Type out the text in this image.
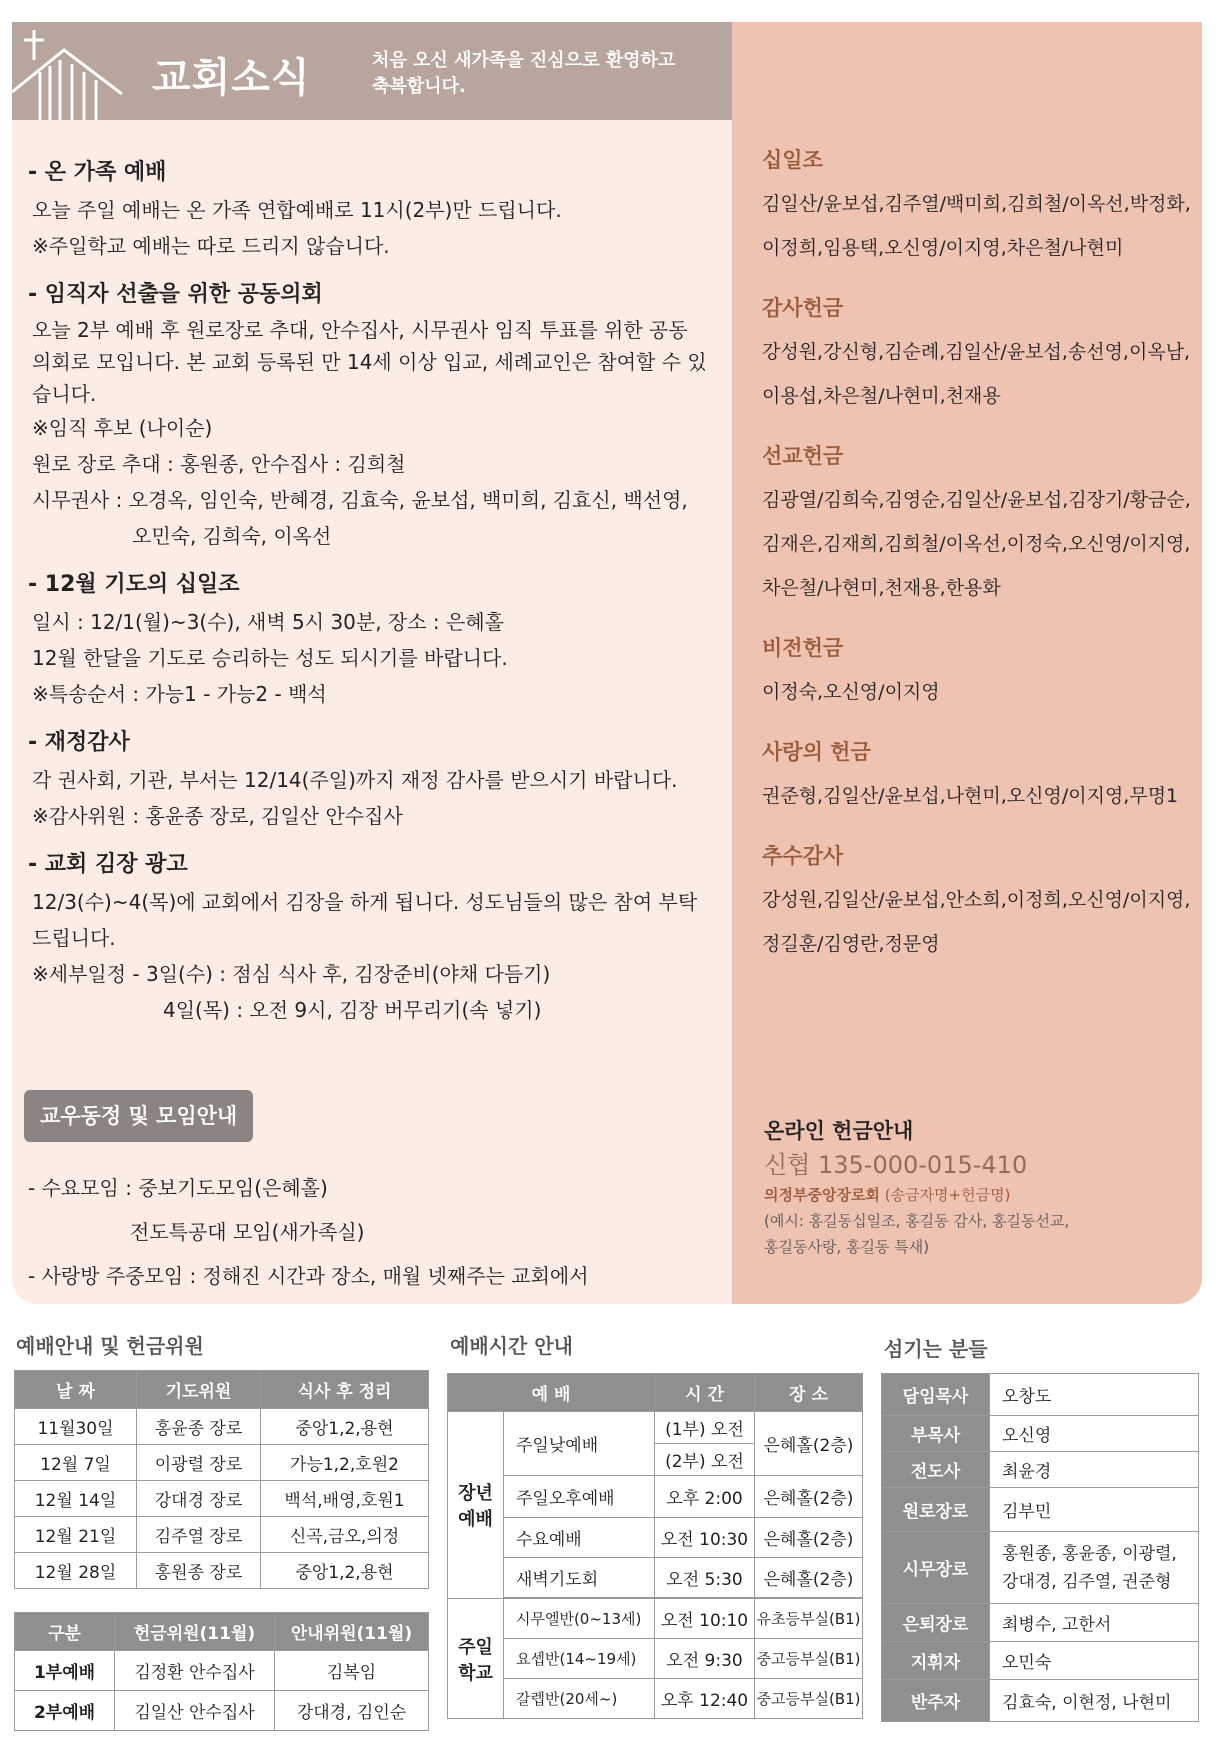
교회소식	처음 오신 새가족을 진심으로 환영하고
축복합니다.
- 온 가족 예배

오늘 주일 예배는 온 가족 연합예배로 11시(2부)만 드립니다.

※주일학교 예배는 따로 드리지 않습니다.

- 임직자 선출을 위한 공동의회

오늘 2부 예배 후 원로장로 추대, 안수집사, 시무권사 임직 투표를 위한 공동

의회로 모입니다. 본 교회 등록된 만 14세 이상 입교, 세례교인은 참여할 수 있

습니다.

※임직 후보 (나이순)

원로 장로 추대 : 홍원종, 안수집사 : 김희철

시무권사 : 오경옥, 임인숙, 반혜경, 김효숙, 윤보섭, 백미희, 김효신, 백선영,

오민숙, 김희숙, 이옥선

- 12월 기도의 십일조

일시 : 12/1(월)~3(수), 새벽 5시 30분, 장소 : 은혜홀

12월 한달을 기도로 승리하는 성도 되시기를 바랍니다.

※특송순서 : 가능1 - 가능2 - 백석

- 재정감사

각 권사회, 기관, 부서는 12/14(주일)까지 재정 감사를 받으시기 바랍니다.

※감사위원 : 홍윤종 장로, 김일산 안수집사

- 교회 김장 광고

12/3(수)~4(목)에 교회에서 김장을 하게 됩니다. 성도님들의 많은 참여 부탁

드립니다.

※세부일정 - 3일(수) : 점심 식사 후, 김장준비(야채 다듬기)

4일(목) : 오전 9시, 김장 버무리기(속 넣기)

교우동정 및 모임안내

- 수요모임 : 중보기도모임(은혜홀)

전도특공대 모임(새가족실)

- 사랑방 주중모임 : 정해진 시간과 장소, 매월 넷째주는 교회에서

십일조
김일산/윤보섭,김주열/백미희,김희철/이옥선,박정화,
이정희,임용택,오신영/이지영,차은철/나현미
감사헌금
강성원,강신형,김순례,김일산/윤보섭,송선영,이옥남,
이용섭,차은철/나현미,천재용
선교헌금
김광열/김희숙,김영순,김일산/윤보섭,김장기/황금순,
김재은,김재희,김희철/이옥선,이정숙,오신영/이지영,
차은철/나현미,천재용,한용화
비전헌금
이정숙,오신영/이지영
사랑의 헌금
권준형,김일산/윤보섭,나현미,오신영/이지영,무명1
추수감사
강성원,김일산/윤보섭,안소희,이정희,오신영/이지영,
정길훈/김영란,정문영
온라인 헌금안내
신협 135-000-015-410
의정부중앙장로회 (송금자명+헌금명)
(예시: 홍길동십일조, 홍길동 감사, 홍길동선교,
홍길동사랑, 홍길동 특새)
예배안내 및 헌금위원
날 짜	기도위원	식사 후 정리
11월30일	홍윤종 장로	중앙1,2,용현
12월 7일	이광렬 장로	가능1,2,호원2
12월 14일	강대경 장로	백석,배영,호원1
12월 21일	김주열 장로	신곡,금오,의정
12월 28일	홍원종 장로	중앙1,2,용현
구분	헌금위원(11월)	안내위원(11월)
1부예배	김정환 안수집사	김복임
2부예배	김일산 안수집사	강대경, 김인순
예배시간 안내
예 배		시 간	장 소

장년
예배	주일낮예배	(1부) 오전	은혜홀(2층)
		(2부) 오전	
	주일오후예배	오후 2:00	은혜홀(2층)
	수요예배	오전 10:30	은혜홀(2층)
	새벽기도회	오전 5:30	은혜홀(2층)

주일
학교	시무엘반(0~13세)	오전 10:10	유초등부실(B1)
	요셉반(14~19세)	오전 9:30	중고등부실(B1)
	갈렙반(20세~)	오후 12:40	중고등부실(B1)
섬기는 분들
담임목사	오창도
부목사	오신영
전도사	최윤경
원로장로	김부민
시무장로	홍원종, 홍윤종, 이광렬,
강대경, 김주열, 권준형

은퇴장로	최병수, 고한서
지휘자	오민숙
반주자	김효숙, 이현정, 나현미
